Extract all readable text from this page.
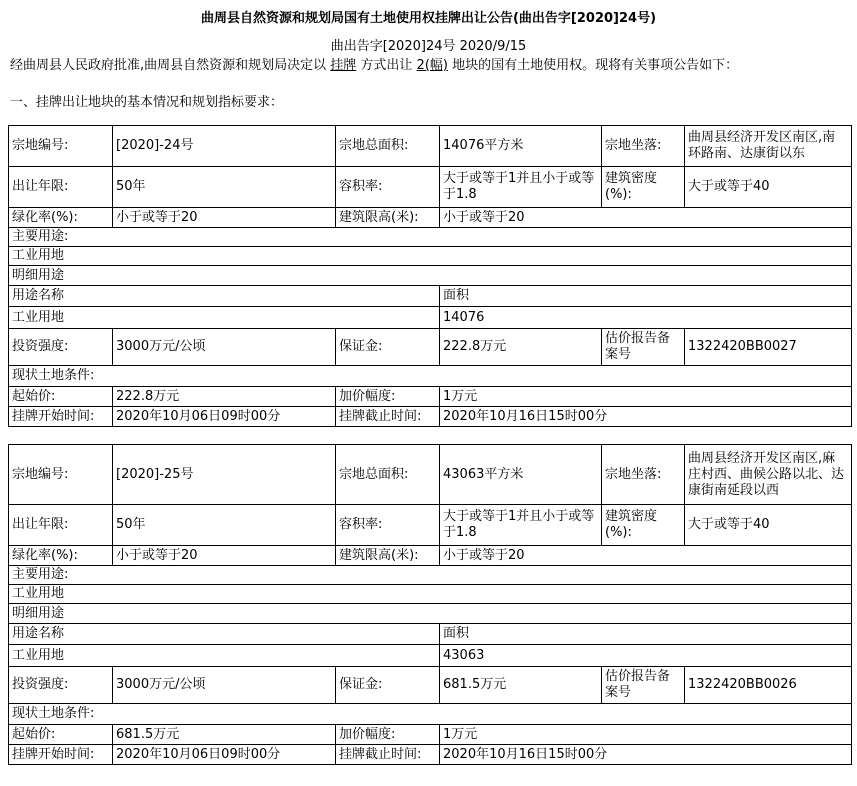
曲周县自然资源和规划局国有土地使用权挂牌出让公告(曲出告字[2020]24号)
曲出告字[2020]24号 2020/9/15
经曲周县人民政府批准,曲周县自然资源和规划局决定以 挂牌 方式出让 2(幅) 地块的国有土地使用权。现将有关事项公告如下：
一、挂牌出让地块的基本情况和规划指标要求：
宗地编号:	[2020]-24号	宗地总面积:	14076平方米	宗地坐落:	曲周县经济开发区南区,南环路南、达康街以东
出让年限:	50年	容积率:	大于或等于1并且小于或等于1.8	建筑密度(%):	大于或等于40
绿化率(%):	小于或等于20	建筑限高(米):	小于或等于20		
主要用途:					
工业用地					
明细用途					
用途名称			面积		
工业用地			14076		
投资强度:	3000万元/公顷	保证金:	222.8万元	估价报告备案号	1322420BB0027
现状土地条件:					
起始价:	222.8万元	加价幅度:	1万元		
挂牌开始时间:	2020年10月06日09时00分	挂牌截止时间:	2020年10月16日15时00分		
宗地编号:	[2020]-25号	宗地总面积:	43063平方米	宗地坐落:	曲周县经济开发区南区,麻庄村西、曲候公路以北、达康街南延段以西
出让年限:	50年	容积率:	大于或等于1并且小于或等于1.8	建筑密度(%):	大于或等于40
绿化率(%):	小于或等于20	建筑限高(米):	小于或等于20		
主要用途:					
工业用地					
明细用途					
用途名称			面积		
工业用地			43063		
投资强度:	3000万元/公顷	保证金:	681.5万元	估价报告备案号	1322420BB0026
现状土地条件:					
起始价:	681.5万元	加价幅度:	1万元		
挂牌开始时间:	2020年10月06日09时00分	挂牌截止时间:	2020年10月16日15时00分		
